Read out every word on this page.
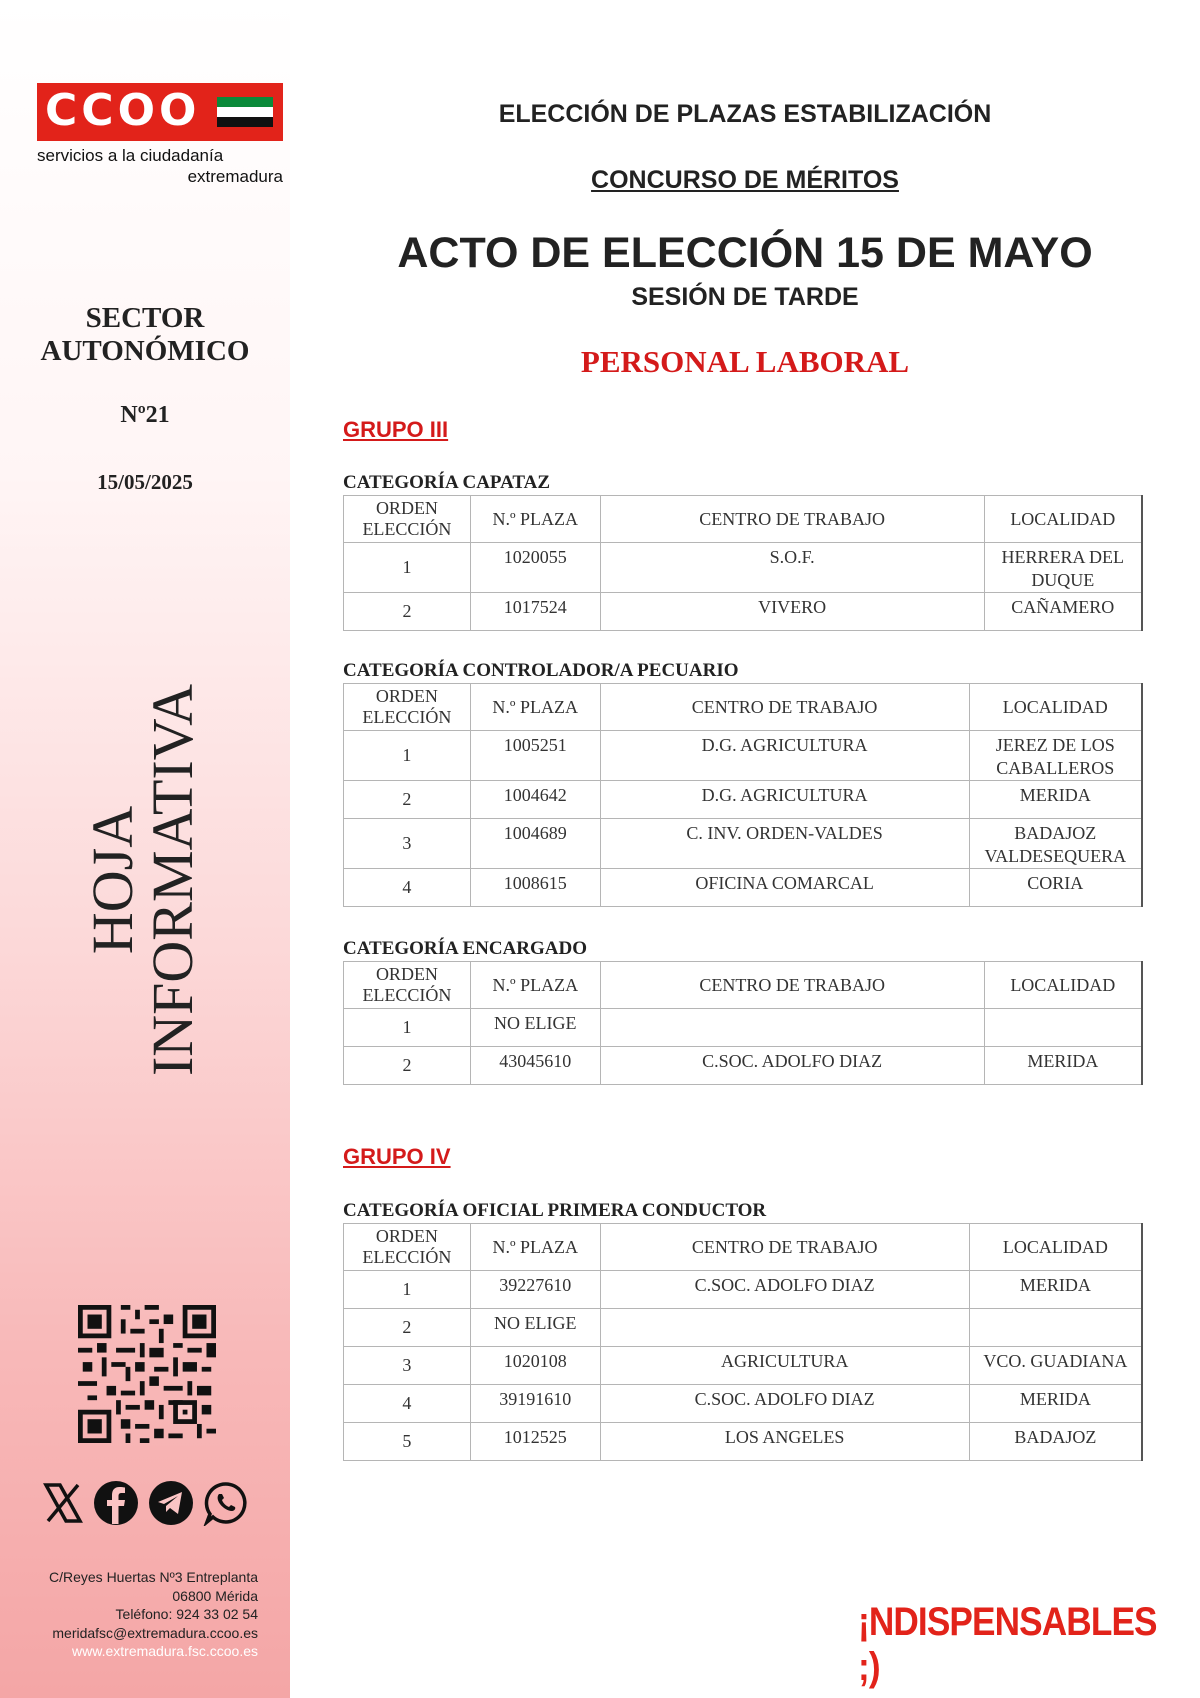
CCOO
servicios a la ciudadanía
extremadura
SECTOR
AUTONÓMICO
Nº21
15/05/2025
HOJA
INFORMATIVA
C/Reyes Huertas Nº3 Entreplanta
06800 Mérida
Teléfono: 924 33 02 54
meridafsc@extremadura.ccoo.es
www.extremadura.fsc.ccoo.es
ELECCIÓN DE PLAZAS ESTABILIZACIÓN
CONCURSO DE MÉRITOS
ACTO DE ELECCIÓN 15 DE MAYO
SESIÓN DE TARDE
PERSONAL LABORAL
GRUPO III
CATEGORÍA CAPATAZ
ORDEN ELECCIÓN	N.º PLAZA	CENTRO DE TRABAJO	LOCALIDAD
1	1020055	S.O.F.	HERRERA DEL DUQUE
2	1017524	VIVERO	CAÑAMERO
CATEGORÍA CONTROLADOR/A PECUARIO
ORDEN ELECCIÓN	N.º PLAZA	CENTRO DE TRABAJO	LOCALIDAD
1	1005251	D.G. AGRICULTURA	JEREZ DE LOS CABALLEROS
2	1004642	D.G. AGRICULTURA	MERIDA
3	1004689	C. INV. ORDEN-VALDES	BADAJOZ VALDESEQUERA
4	1008615	OFICINA COMARCAL	CORIA
CATEGORÍA ENCARGADO
ORDEN ELECCIÓN	N.º PLAZA	CENTRO DE TRABAJO	LOCALIDAD
1	NO ELIGE		
2	43045610	C.SOC. ADOLFO DIAZ	MERIDA
GRUPO IV
CATEGORÍA OFICIAL PRIMERA CONDUCTOR
ORDEN ELECCIÓN	N.º PLAZA	CENTRO DE TRABAJO	LOCALIDAD
1	39227610	C.SOC. ADOLFO DIAZ	MERIDA
2	NO ELIGE		
3	1020108	AGRICULTURA	VCO. GUADIANA
4	39191610	C.SOC. ADOLFO DIAZ	MERIDA
5	1012525	LOS ANGELES	BADAJOZ
¡NDISPENSABLES ;)
